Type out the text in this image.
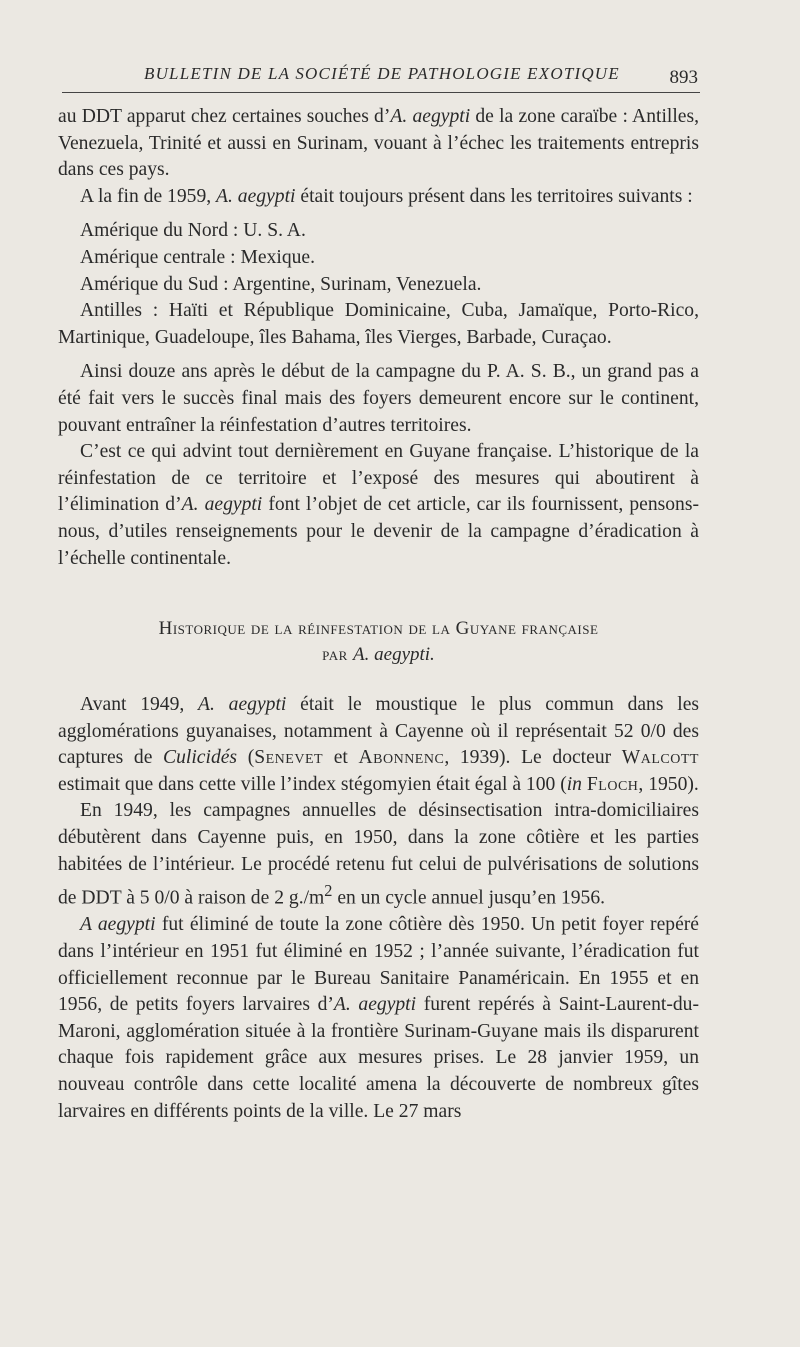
BULLETIN DE LA SOCIÉTÉ DE PATHOLOGIE EXOTIQUE	893

au DDT apparut chez certaines souches d’A. aegypti de la zone caraïbe : Antilles, Venezuela, Trinité et aussi en Surinam, vouant à l’échec les traitements entrepris dans ces pays.

A la fin de 1959, A. aegypti était toujours présent dans les territoires suivants :

Amérique du Nord : U. S. A.

Amérique centrale : Mexique.

Amérique du Sud : Argentine, Surinam, Venezuela.

Antilles : Haïti et République Dominicaine, Cuba, Jamaïque, Porto-Rico, Martinique, Guadeloupe, îles Bahama, îles Vierges, Barbade, Curaçao.

Ainsi douze ans après le début de la campagne du P. A. S. B., un grand pas a été fait vers le succès final mais des foyers demeurent encore sur le continent, pouvant entraîner la réinfestation d’autres territoires.

C’est ce qui advint tout dernièrement en Guyane française. L’historique de la réinfestation de ce territoire et l’exposé des mesures qui aboutirent à l’élimination d’A. aegypti font l’objet de cet article, car ils fournissent, pensons-nous, d’utiles renseignements pour le devenir de la campagne d’éradication à l’échelle continentale.

Historique de la réinfestation de la Guyane française
par A. aegypti.

Avant 1949, A. aegypti était le moustique le plus commun dans les agglomérations guyanaises, notamment à Cayenne où il représentait 52 0/0 des captures de Culicidés (Senevet et Abonnenc, 1939). Le docteur Walcott estimait que dans cette ville l’index stégomyien était égal à 100 (in Floch, 1950).

En 1949, les campagnes annuelles de désinsectisation intra-domiciliaires débutèrent dans Cayenne puis, en 1950, dans la zone côtière et les parties habitées de l’intérieur. Le procédé retenu fut celui de pulvérisations de solutions de DDT à 5 0/0 à raison de 2 $g./m^2$ en un cycle annuel jusqu’en 1956.

A aegypti fut éliminé de toute la zone côtière dès 1950. Un petit foyer repéré dans l’intérieur en 1951 fut éliminé en 1952 ; l’année suivante, l’éradication fut officiellement reconnue par le Bureau Sanitaire Panaméricain. En 1955 et en 1956, de petits foyers larvaires d’A. aegypti furent repérés à Saint-Laurent-du-Maroni, agglomération située à la frontière Surinam-Guyane mais ils disparurent chaque fois rapidement grâce aux mesures prises. Le 28 janvier 1959, un nouveau contrôle dans cette localité amena la découverte de nombreux gîtes larvaires en différents points de la ville. Le 27 mars
